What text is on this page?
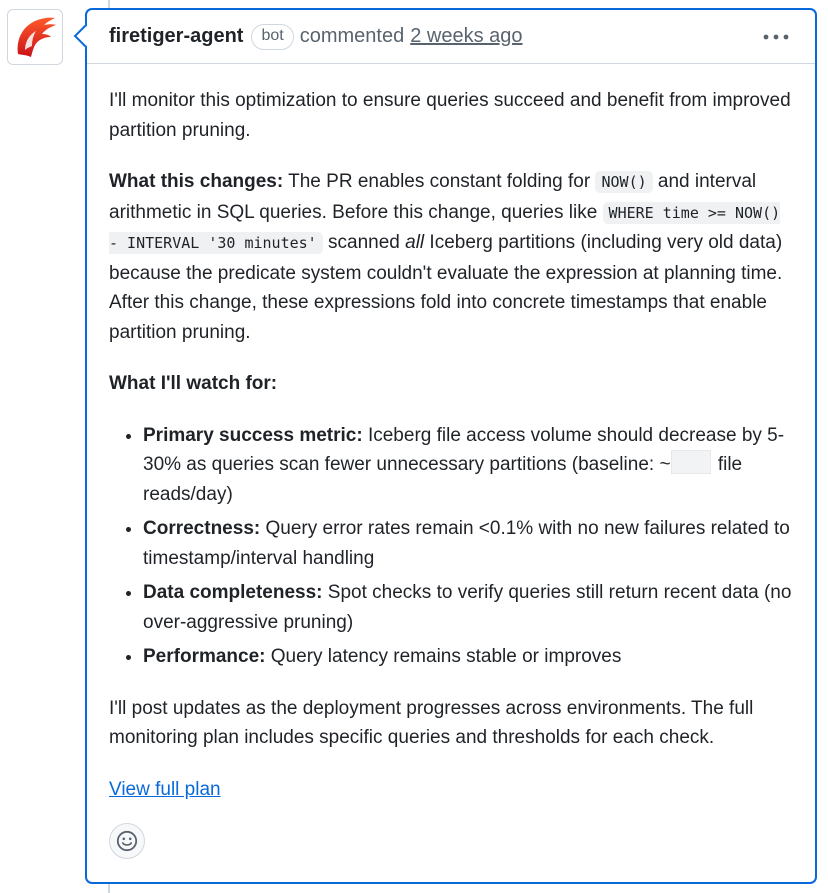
firetiger-agent	bot commented 2 weeks ago

I'll monitor this optimization to ensure queries succeed and benefit from improved partition pruning.

What this changes: The PR enables constant folding for NOW() and interval arithmetic in SQL queries. Before this change, queries like WHERE time >= NOW() - INTERVAL '30 minutes' scanned all Iceberg partitions (including very old data) because the predicate system couldn't evaluate the expression at planning time. After this change, these expressions fold into concrete timestamps that enable partition pruning.

What I'll watch for:

• Primary success metric: Iceberg file access volume should decrease by 5-30% as queries scan fewer unnecessary partitions (baseline: ~ file reads/day)
• Correctness: Query error rates remain <0.1% with no new failures related to timestamp/interval handling
• Data completeness: Spot checks to verify queries still return recent data (no over-aggressive pruning)
• Performance: Query latency remains stable or improves

I'll post updates as the deployment progresses across environments. The full monitoring plan includes specific queries and thresholds for each check.

View full plan
